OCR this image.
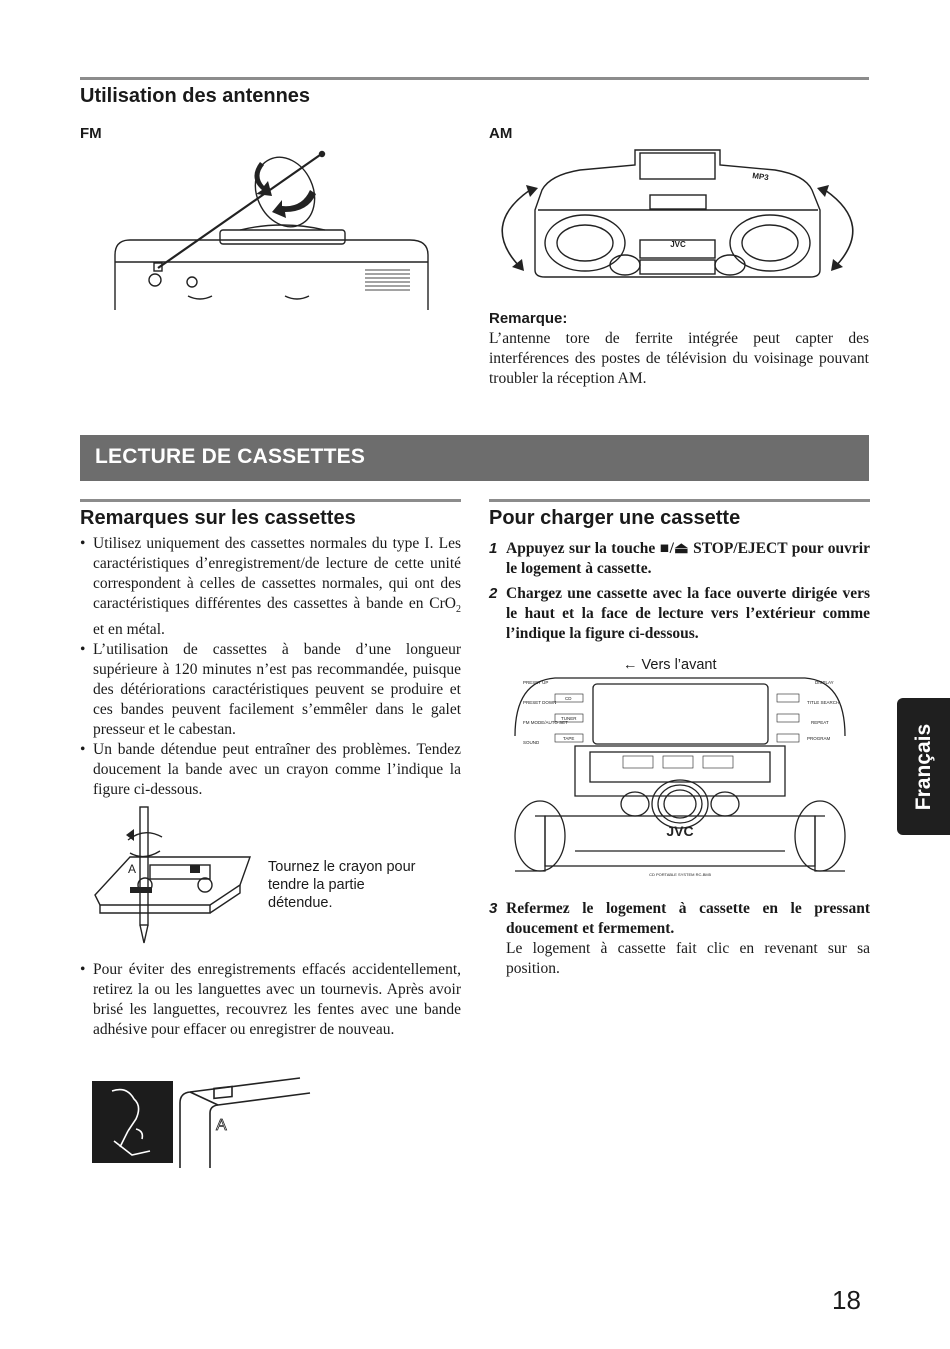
Utilisation des antennes
FM	AM
JVC
MP3
Remarque:
L’antenne tore de ferrite intégrée peut capter des interférences des postes de télévision du voisinage pouvant troubler la réception AM.
LECTURE DE CASSETTES
Remarques sur les cassettes
• Utilisez uniquement des cassettes normales du type I. Les caractéristiques d’enregistrement/de lecture de cette unité correspondent à celles de cassettes normales, qui ont des caractéristiques différentes des cassettes à bande en CrO$_2$ et en métal.
• L’utilisation de cassettes à bande d’une longueur supérieure à 120 minutes n’est pas recommandée, puisque des détériorations caractéristiques peuvent se produire et ces bandes peuvent facilement s’emmêler dans le galet presseur et le cabestan.
• Un bande détendue peut entraîner des problèmes. Tendez doucement la bande avec un crayon comme l’indique la figure ci-dessous.
A	Tournez le crayon pour tendre la partie détendue.
• Pour éviter des enregistrements effacés accidentellement, retirez la ou les languettes avec un tournevis. Après avoir brisé les languettes, recouvrez les fentes avec une bande adhésive pour effacer ou enregistrer de nouveau.
A
Pour charger une cassette
1 Appuyez sur la touche ■/⏏ STOP/EJECT pour ouvrir le logement à cassette.
2 Chargez une cassette avec la face ouverte dirigée vers le haut et la face de lecture vers l’extérieur comme l’indique la figure ci-dessous.
← Vers l’avant
JVC
CD PORTABLE SYSTEM RC-BM5
PRESET UP
PRESET DOWN
CD
FM MODE/AUTO SET
TUNER
SOUND
TAPE
DISPLAY
TITLE SEARCH
REPEAT
PROGRAM
3 Refermez le logement à cassette en le pressant doucement et fermement.
Le logement à cassette fait clic en revenant sur sa position.
Français
18
